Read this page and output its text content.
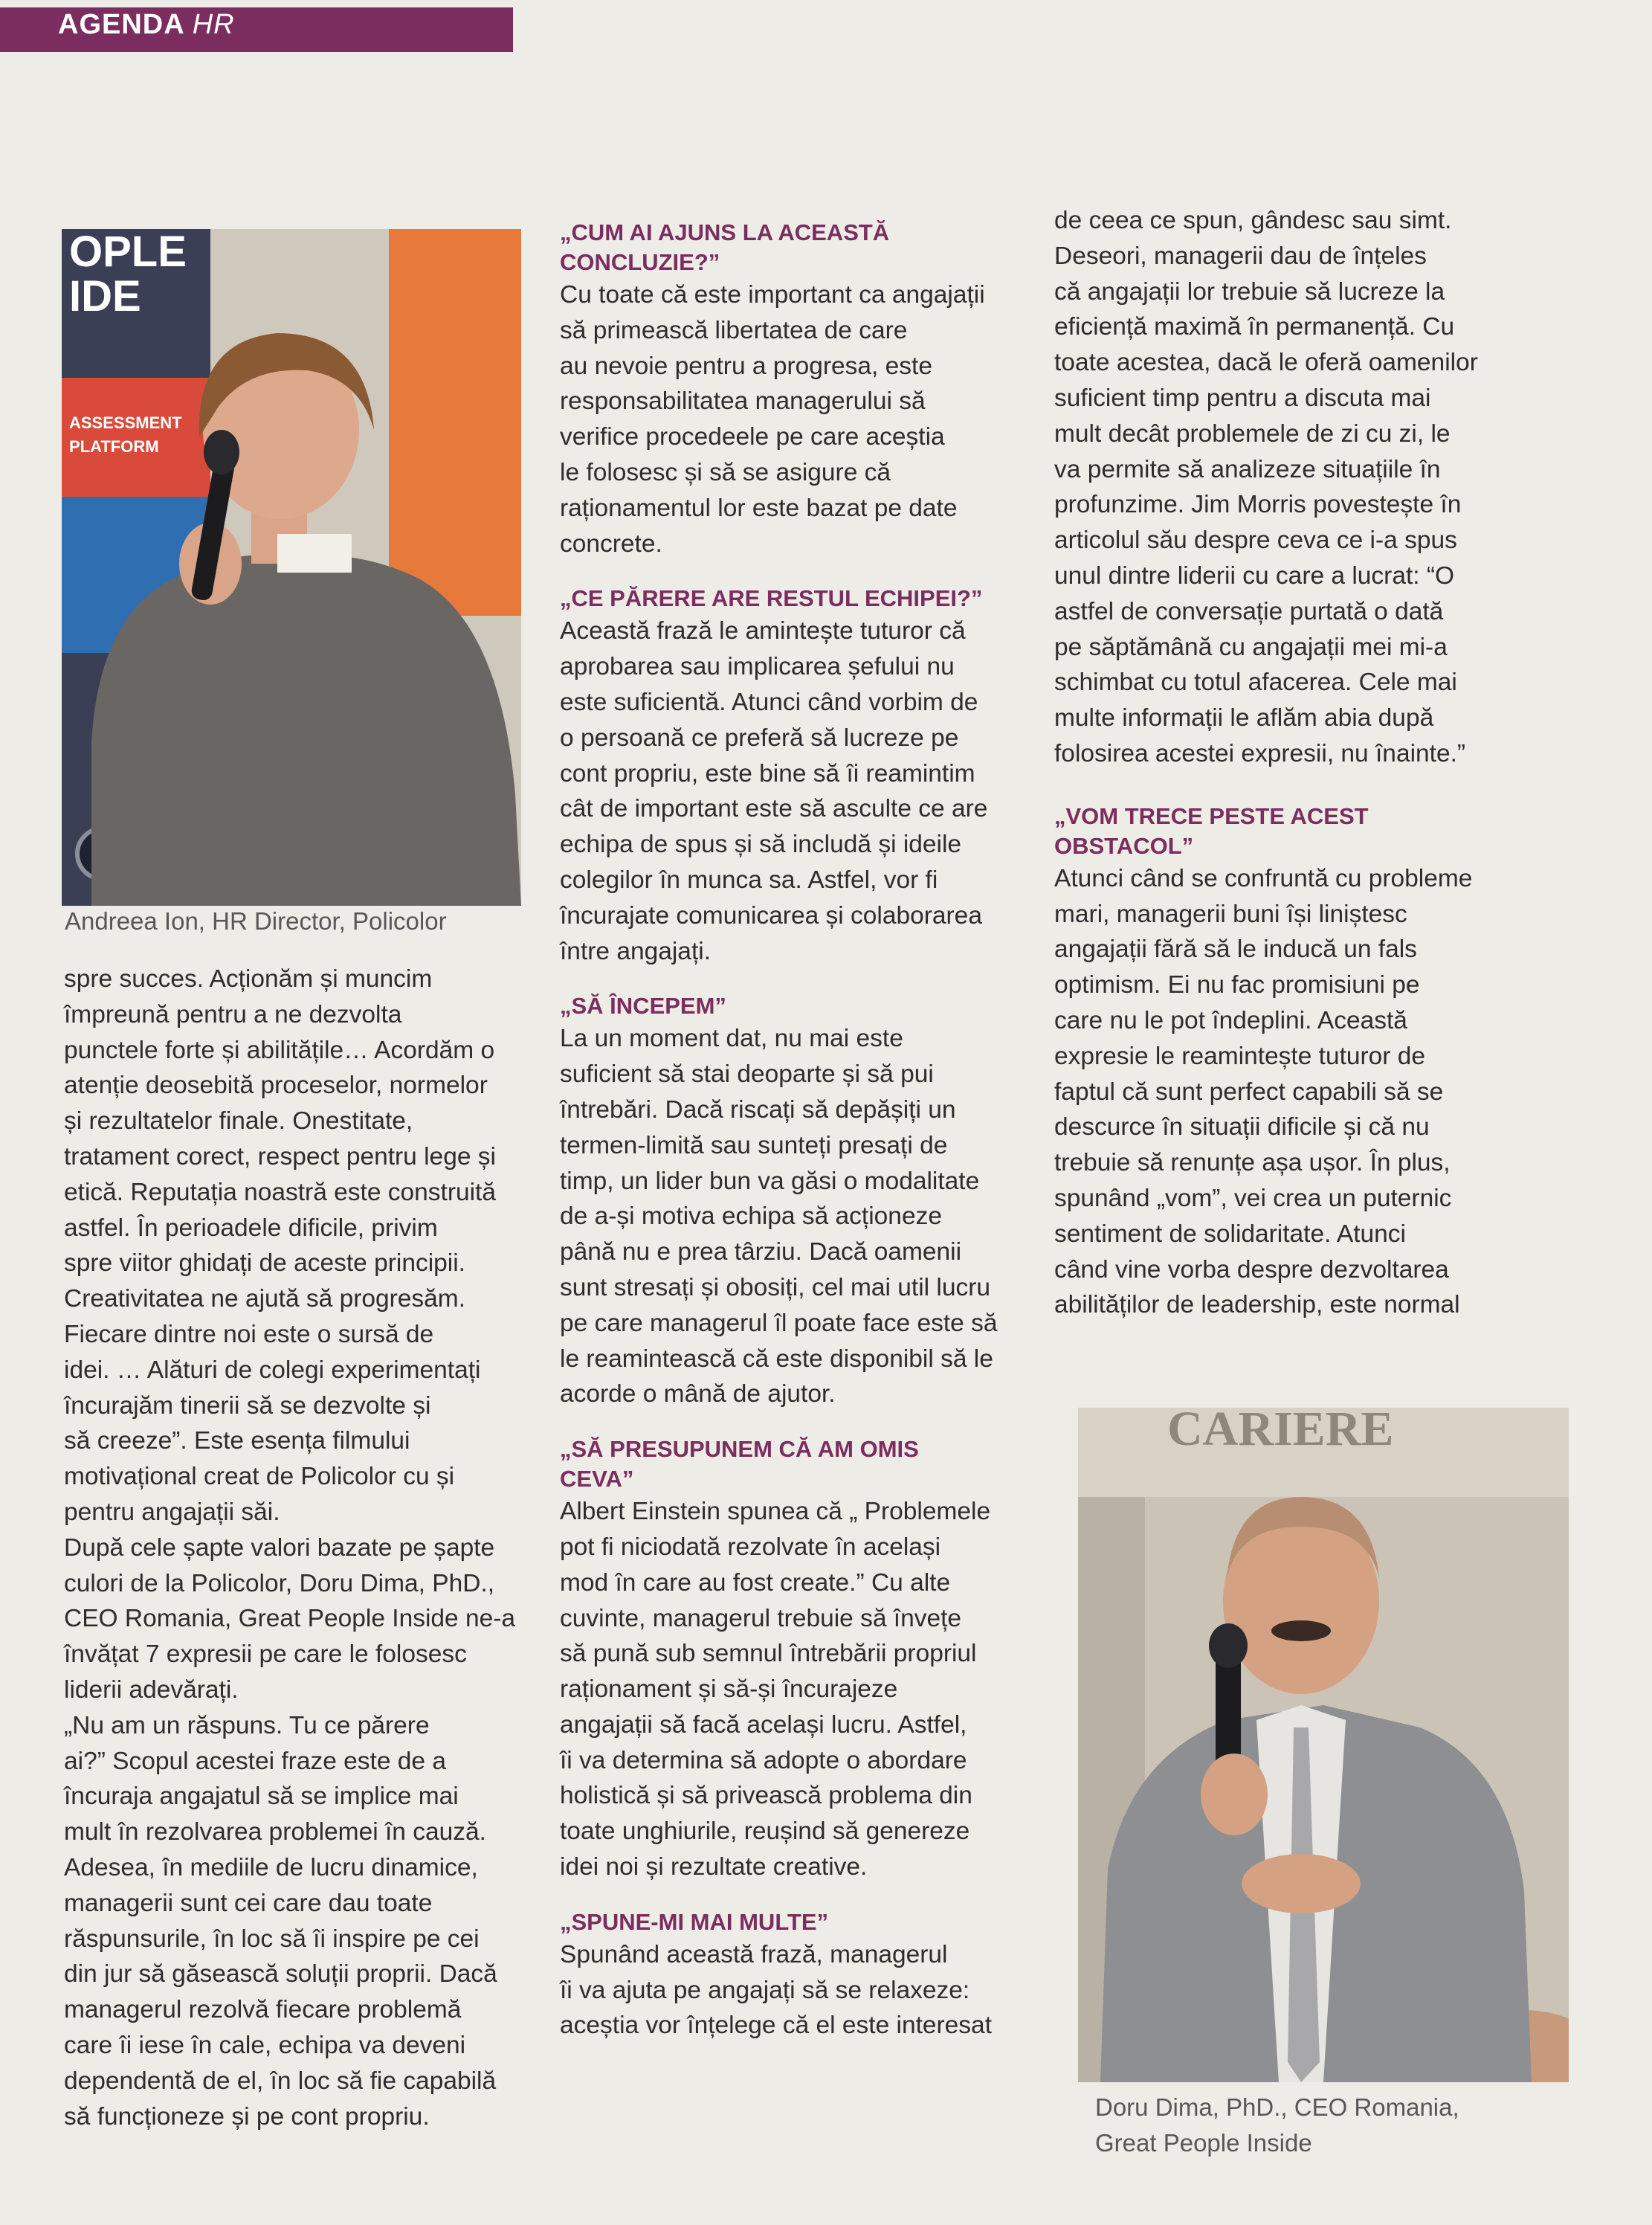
AGENDA HR
OPLE
IDE
ASSESSMENT
PLATFORM
Andreea Ion, HR Director, Policolor

spre succes. Acționăm și muncim

împreună pentru a ne dezvolta

punctele forte și abilitățile… Acordăm o

atenție deosebită proceselor, normelor

și rezultatelor finale. Onestitate,

tratament corect, respect pentru lege și

etică. Reputația noastră este construită

astfel. În perioadele dificile, privim

spre viitor ghidați de aceste principii.

Creativitatea ne ajută să progresăm.

Fiecare dintre noi este o sursă de

idei. … Alături de colegi experimentați

încurajăm tinerii să se dezvolte și

să creeze”. Este esența filmului

motivațional creat de Policolor cu și

pentru angajații săi.

După cele șapte valori bazate pe șapte

culori de la Policolor, Doru Dima, PhD.,

CEO Romania, Great People Inside ne-a

învățat 7 expresii pe care le folosesc

liderii adevărați.

„Nu am un răspuns. Tu ce părere

ai?” Scopul acestei fraze este de a

încuraja angajatul să se implice mai

mult în rezolvarea problemei în cauză.

Adesea, în mediile de lucru dinamice,

managerii sunt cei care dau toate

răspunsurile, în loc să îi inspire pe cei

din jur să găsească soluții proprii. Dacă

managerul rezolvă fiecare problemă

care îi iese în cale, echipa va deveni

dependentă de el, în loc să fie capabilă

să funcționeze și pe cont propriu.

„CUM AI AJUNS LA ACEASTĂ

CONCLUZIE?”

Cu toate că este important ca angajații

să primească libertatea de care

au nevoie pentru a progresa, este

responsabilitatea managerului să

verifice procedeele pe care aceștia

le folosesc și să se asigure că

raționamentul lor este bazat pe date

concrete.

„CE PĂRERE ARE RESTUL ECHIPEI?”

Această frază le amintește tuturor că

aprobarea sau implicarea șefului nu

este suficientă. Atunci când vorbim de

o persoană ce preferă să lucreze pe

cont propriu, este bine să îi reamintim

cât de important este să asculte ce are

echipa de spus și să includă și ideile

colegilor în munca sa. Astfel, vor fi

încurajate comunicarea și colaborarea

între angajați.

„SĂ ÎNCEPEM”

La un moment dat, nu mai este

suficient să stai deoparte și să pui

întrebări. Dacă riscați să depășiți un

termen-limită sau sunteți presați de

timp, un lider bun va găsi o modalitate

de a-și motiva echipa să acționeze

până nu e prea târziu. Dacă oamenii

sunt stresați și obosiți, cel mai util lucru

pe care managerul îl poate face este să

le reamintească că este disponibil să le

acorde o mână de ajutor.

„SĂ PRESUPUNEM CĂ AM OMIS

CEVA”

Albert Einstein spunea că „ Problemele

pot fi niciodată rezolvate în același

mod în care au fost create.” Cu alte

cuvinte, managerul trebuie să învețe

să pună sub semnul întrebării propriul

raționament și să-și încurajeze

angajații să facă același lucru. Astfel,

îi va determina să adopte o abordare

holistică și să privească problema din

toate unghiurile, reușind să genereze

idei noi și rezultate creative.

„SPUNE-MI MAI MULTE”

Spunând această frază, managerul

îi va ajuta pe angajați să se relaxeze:

aceștia vor înțelege că el este interesat

de ceea ce spun, gândesc sau simt.

Deseori, managerii dau de înțeles

că angajații lor trebuie să lucreze la

eficiență maximă în permanență. Cu

toate acestea, dacă le oferă oamenilor

suficient timp pentru a discuta mai

mult decât problemele de zi cu zi, le

va permite să analizeze situațiile în

profunzime. Jim Morris povestește în

articolul său despre ceva ce i-a spus

unul dintre liderii cu care a lucrat: “O

astfel de conversație purtată o dată

pe săptămână cu angajații mei mi-a

schimbat cu totul afacerea. Cele mai

multe informații le aflăm abia după

folosirea acestei expresii, nu înainte.”

„VOM TRECE PESTE ACEST

OBSTACOL”

Atunci când se confruntă cu probleme

mari, managerii buni își liniștesc

angajații fără să le inducă un fals

optimism. Ei nu fac promisiuni pe

care nu le pot îndeplini. Această

expresie le reamintește tuturor de

faptul că sunt perfect capabili să se

descurce în situații dificile și că nu

trebuie să renunțe așa ușor. În plus,

spunând „vom”, vei crea un puternic

sentiment de solidaritate. Atunci

când vine vorba despre dezvoltarea

abilităților de leadership, este normal

CARIERE
Doru Dima, PhD., CEO Romania,
Great People Inside
